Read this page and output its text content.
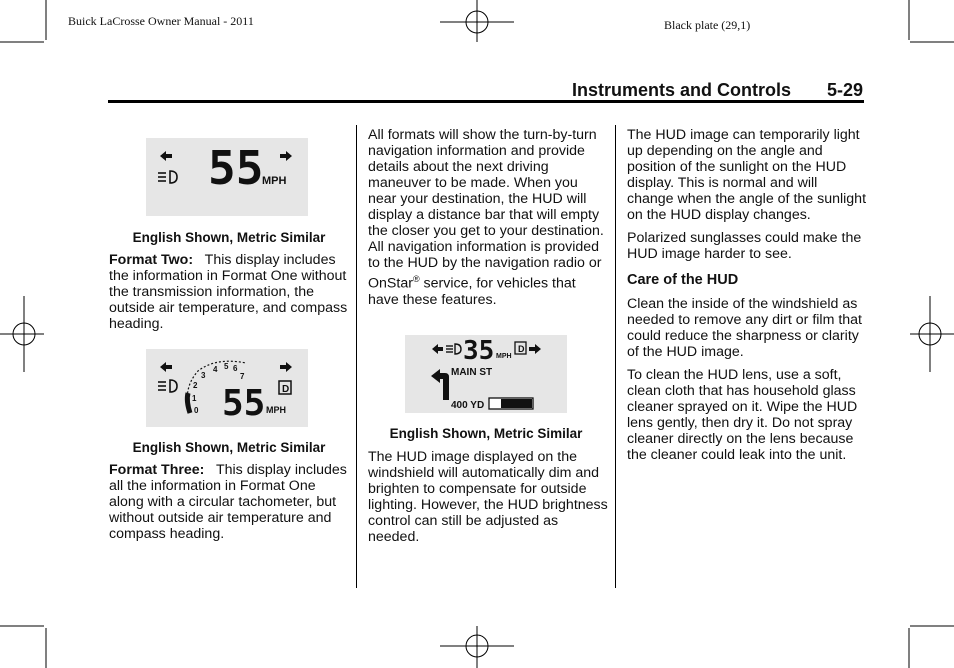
Buick LaCrosse Owner Manual - 2011	Black plate (29,1)
Instruments and Controls 5-29
55
MPH
English Shown, Metric Similar
Format Two: This display includes the information in Format One without the transmission information, the outside air temperature, and compass heading.
0
1
2
3
4 5 6
7
D
55 MPH
English Shown, Metric Similar
Format Three: This display includes all the information in Format One along with a circular tachometer, but without outside air temperature and compass heading.
All formats will show the turn-by-turn navigation information and provide details about the next driving maneuver to be made. When you near your destination, the HUD will display a distance bar that will empty the closer you get to your destination. All navigation information is provided to the HUD by the navigation radio or OnStar® service, for vehicles that have these features.
35 MPH
D
MAIN ST
400 YD
English Shown, Metric Similar
The HUD image displayed on the windshield will automatically dim and brighten to compensate for outside lighting. However, the HUD brightness control can still be adjusted as needed.

The HUD image can temporarily light up depending on the angle and position of the sunlight on the HUD display. This is normal and will change when the angle of the sunlight on the HUD display changes.

Polarized sunglasses could make the HUD image harder to see.

Care of the HUD

Clean the inside of the windshield as needed to remove any dirt or film that could reduce the sharpness or clarity of the HUD image.

To clean the HUD lens, use a soft, clean cloth that has household glass cleaner sprayed on it. Wipe the HUD lens gently, then dry it. Do not spray cleaner directly on the lens because the cleaner could leak into the unit.
